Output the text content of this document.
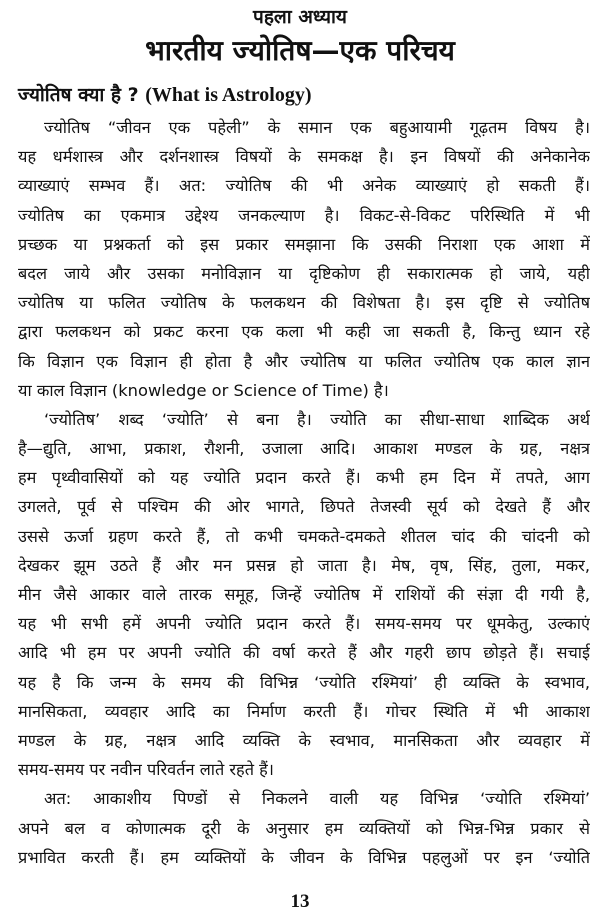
पहला अध्याय
भारतीय ज्योतिष—एक परिचय
ज्योतिष क्या है ? (What is Astrology)
ज्योतिष “जीवन एक पहेली” के समान एक बहुआयामी गूढ़तम विषय है।
यह धर्मशास्त्र और दर्शनशास्त्र विषयों के समकक्ष है। इन विषयों की अनेकानेक
व्याख्याएं सम्भव हैं। अत: ज्योतिष की भी अनेक व्याख्याएं हो सकती हैं।
ज्योतिष का एकमात्र उद्देश्य जनकल्याण है। विकट-से-विकट परिस्थिति में भी
प्रच्छक या प्रश्नकर्ता को इस प्रकार समझाना कि उसकी निराशा एक आशा में
बदल जाये और उसका मनोविज्ञान या दृष्टिकोण ही सकारात्मक हो जाये, यही
ज्योतिष या फलित ज्योतिष के फलकथन की विशेषता है। इस दृष्टि से ज्योतिष
द्वारा फलकथन को प्रकट करना एक कला भी कही जा सकती है, किन्तु ध्यान रहे
कि विज्ञान एक विज्ञान ही होता है और ज्योतिष या फलित ज्योतिष एक काल ज्ञान
या काल विज्ञान (knowledge or Science of Time) है।
‘ज्योतिष’ शब्द ‘ज्योति’ से बना है। ज्योति का सीधा-साधा शाब्दिक अर्थ
है—द्युति, आभा, प्रकाश, रौशनी, उजाला आदि। आकाश मण्डल के ग्रह, नक्षत्र
हम पृथ्वीवासियों को यह ज्योति प्रदान करते हैं। कभी हम दिन में तपते, आग
उगलते, पूर्व से पश्चिम की ओर भागते, छिपते तेजस्वी सूर्य को देखते हैं और
उससे ऊर्जा ग्रहण करते हैं, तो कभी चमकते-दमकते शीतल चांद की चांदनी को
देखकर झूम उठते हैं और मन प्रसन्न हो जाता है। मेष, वृष, सिंह, तुला, मकर,
मीन जैसे आकार वाले तारक समूह, जिन्हें ज्योतिष में राशियों की संज्ञा दी गयी है,
यह भी सभी हमें अपनी ज्योति प्रदान करते हैं। समय-समय पर धूमकेतु, उल्काएं
आदि भी हम पर अपनी ज्योति की वर्षा करते हैं और गहरी छाप छोड़ते हैं। सचाई
यह है कि जन्म के समय की विभिन्न ‘ज्योति रश्मियां’ ही व्यक्ति के स्वभाव,
मानसिकता, व्यवहार आदि का निर्माण करती हैं। गोचर स्थिति में भी आकाश
मण्डल के ग्रह, नक्षत्र आदि व्यक्ति के स्वभाव, मानसिकता और व्यवहार में
समय-समय पर नवीन परिवर्तन लाते रहते हैं।
अत: आकाशीय पिण्डों से निकलने वाली यह विभिन्न ‘ज्योति रश्मियां’
अपने बल व कोणात्मक दूरी के अनुसार हम व्यक्तियों को भिन्न-भिन्न प्रकार से
प्रभावित करती हैं। हम व्यक्तियों के जीवन के विभिन्न पहलुओं पर इन ‘ज्योति
13
